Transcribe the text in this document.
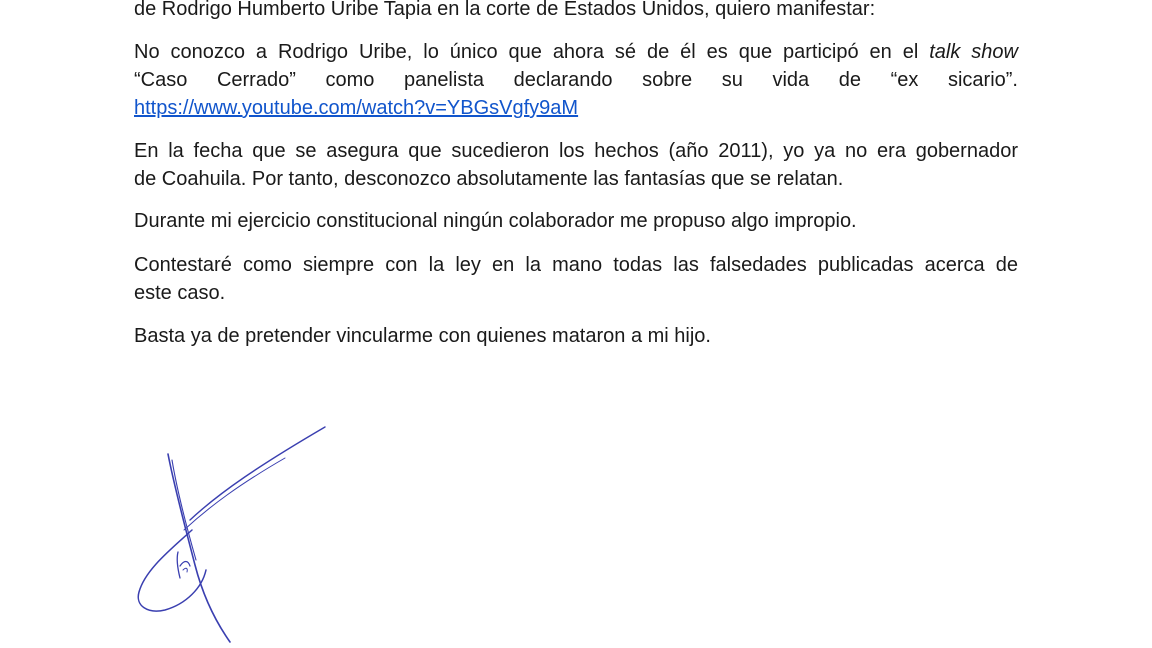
de Rodrigo Humberto Uribe Tapia en la corte de Estados Unidos, quiero manifestar:

No conozco a Rodrigo Uribe, lo único que ahora sé de él es que participó en el talk show
“Caso Cerrado” como panelista declarando sobre su vida de “ex sicario”.
https://www.youtube.com/watch?v=YBGsVgfy9aM
En la fecha que se asegura que sucedieron los hechos (año 2011), yo ya no era gobernador
de Coahuila. Por tanto, desconozco absolutamente las fantasías que se relatan.

Durante mi ejercicio constitucional ningún colaborador me propuso algo impropio.

Contestaré como siempre con la ley en la mano todas las falsedades publicadas acerca de
este caso.

Basta ya de pretender vincularme con quienes mataron a mi hijo.
